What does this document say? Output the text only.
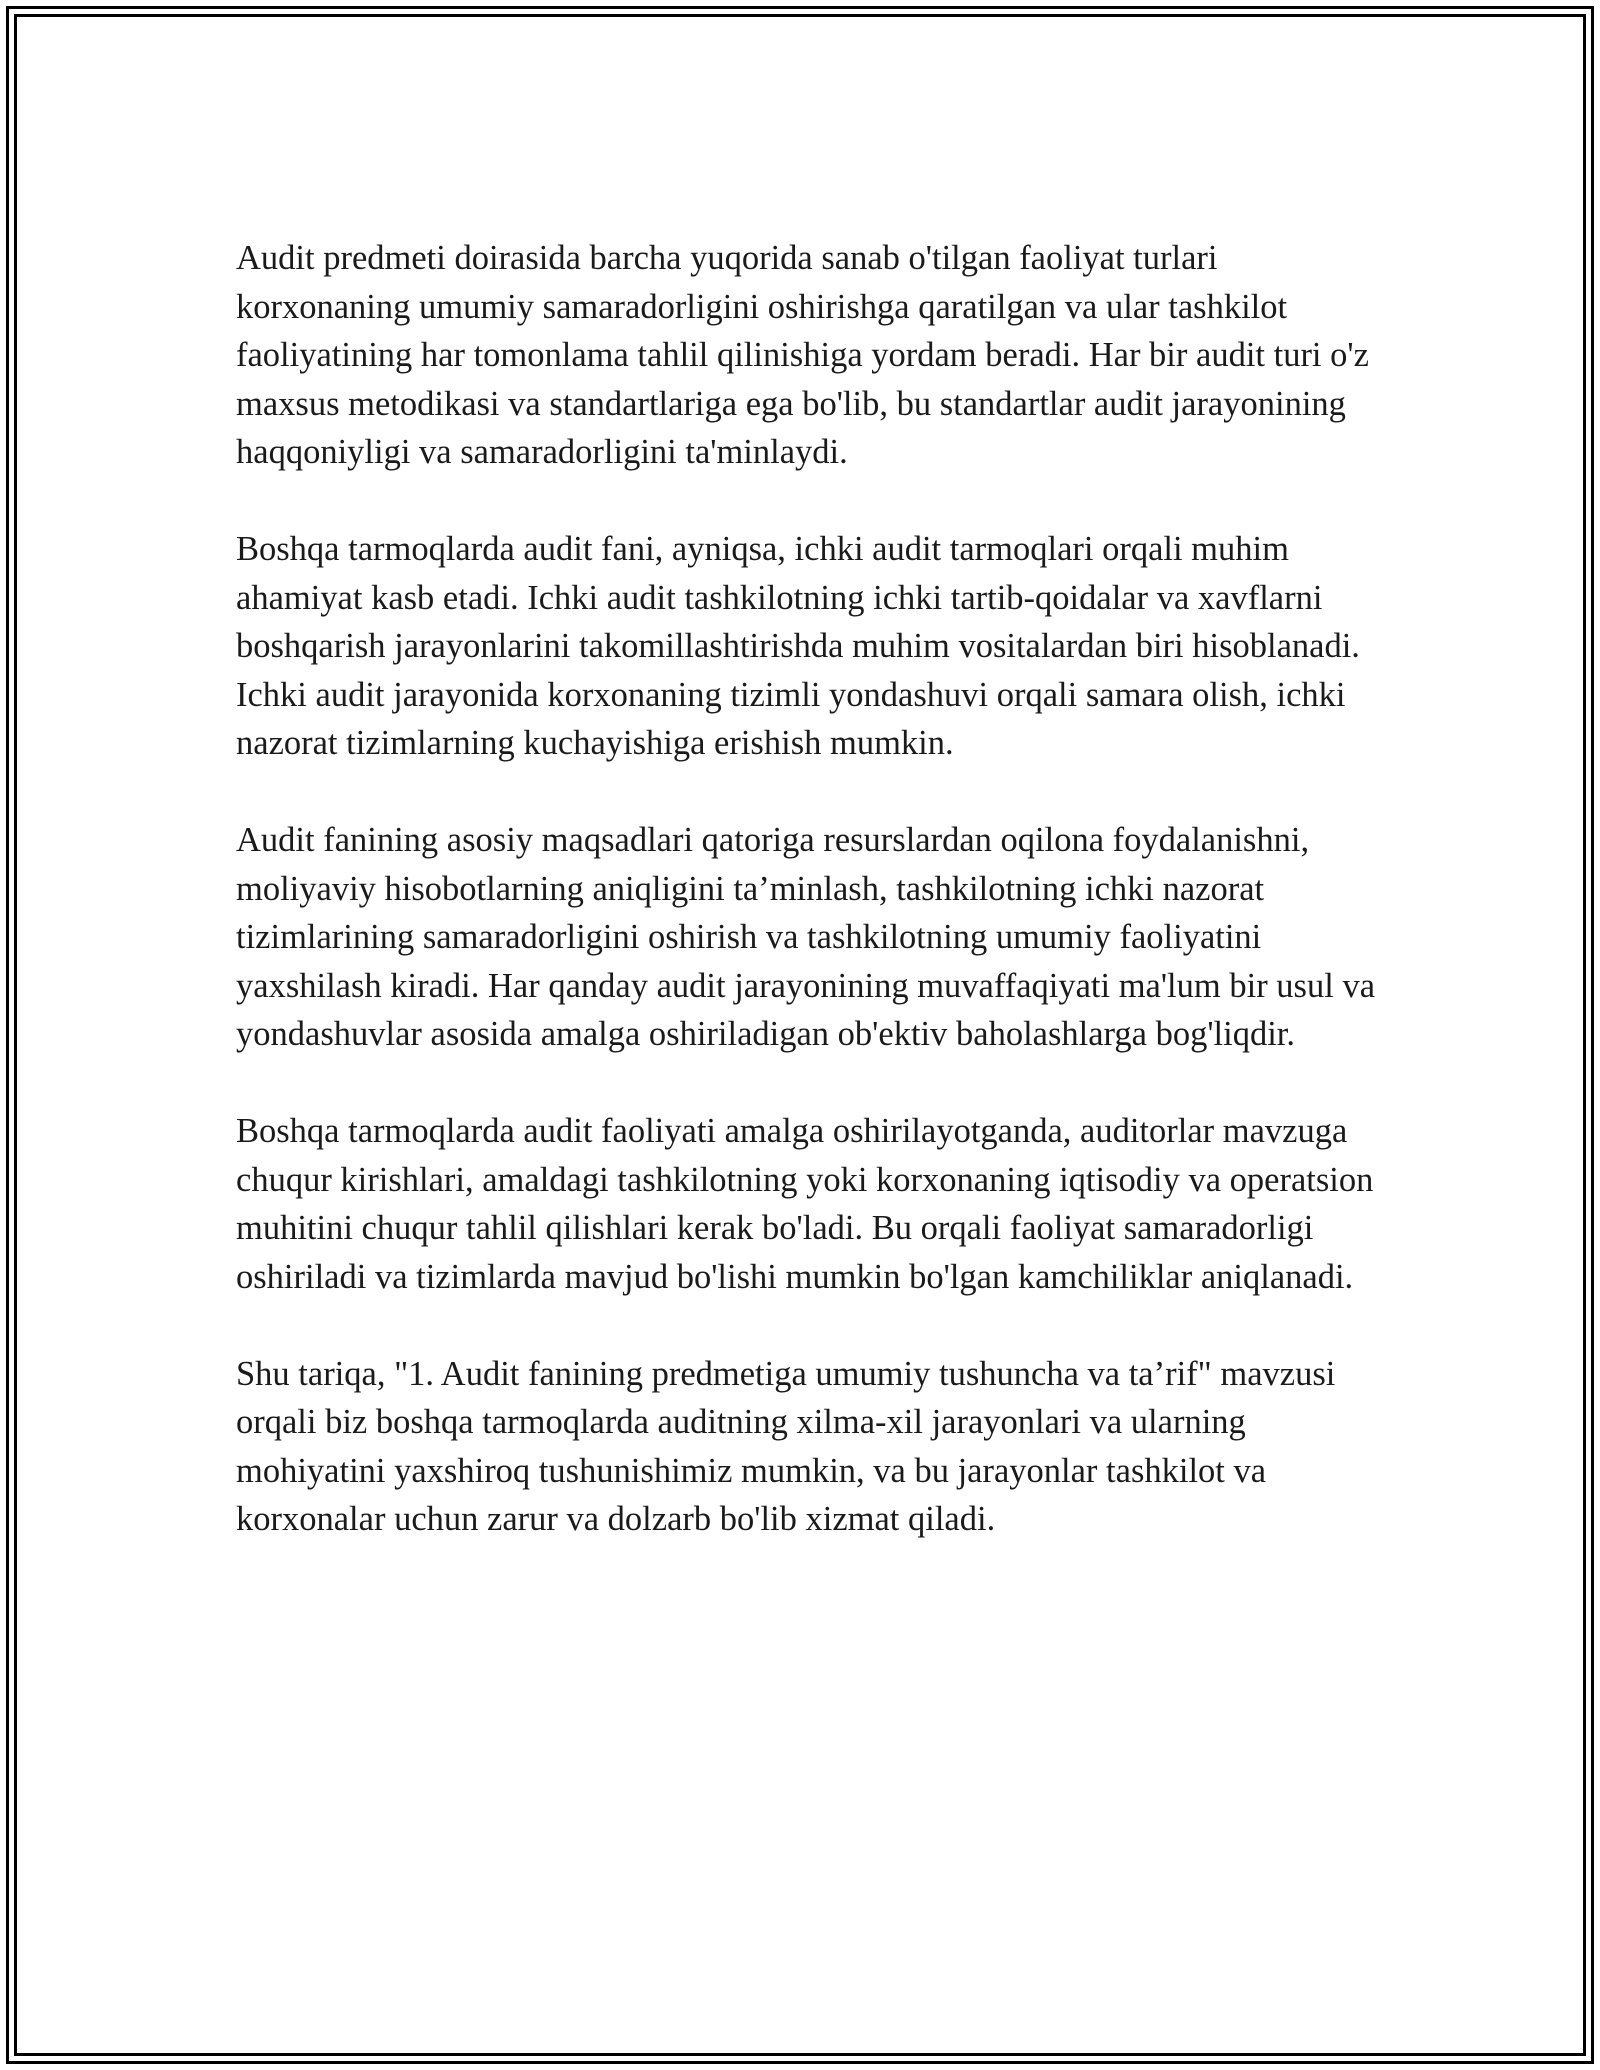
Audit predmeti doirasida barcha yuqorida sanab o'tilgan faoliyat turlari korxonaning umumiy samaradorligini oshirishga qaratilgan va ular tashkilot faoliyatining har tomonlama tahlil qilinishiga yordam beradi. Har bir audit turi o'z maxsus metodikasi va standartlariga ega bo'lib, bu standartlar audit jarayonining haqqoniyligi va samaradorligini ta'minlaydi.

Boshqa tarmoqlarda audit fani, ayniqsa, ichki audit tarmoqlari orqali muhim ahamiyat kasb etadi. Ichki audit tashkilotning ichki tartib-qoidalar va xavflarni boshqarish jarayonlarini takomillashtirishda muhim vositalardan biri hisoblanadi. Ichki audit jarayonida korxonaning tizimli yondashuvi orqali samara olish, ichki nazorat tizimlarning kuchayishiga erishish mumkin.

Audit fanining asosiy maqsadlari qatoriga resurslardan oqilona foydalanishni, moliyaviy hisobotlarning aniqligini ta’minlash, tashkilotning ichki nazorat tizimlarining samaradorligini oshirish va tashkilotning umumiy faoliyatini yaxshilash kiradi. Har qanday audit jarayonining muvaffaqiyati ma'lum bir usul va yondashuvlar asosida amalga oshiriladigan ob'ektiv baholashlarga bog'liqdir.

Boshqa tarmoqlarda audit faoliyati amalga oshirilayotganda, auditorlar mavzuga chuqur kirishlari, amaldagi tashkilotning yoki korxonaning iqtisodiy va operatsion muhitini chuqur tahlil qilishlari kerak bo'ladi. Bu orqali faoliyat samaradorligi oshiriladi va tizimlarda mavjud bo'lishi mumkin bo'lgan kamchiliklar aniqlanadi.

Shu tariqa, "1. Audit fanining predmetiga umumiy tushuncha va ta’rif" mavzusi orqali biz boshqa tarmoqlarda auditning xilma-xil jarayonlari va ularning mohiyatini yaxshiroq tushunishimiz mumkin, va bu jarayonlar tashkilot va korxonalar uchun zarur va dolzarb bo'lib xizmat qiladi.
